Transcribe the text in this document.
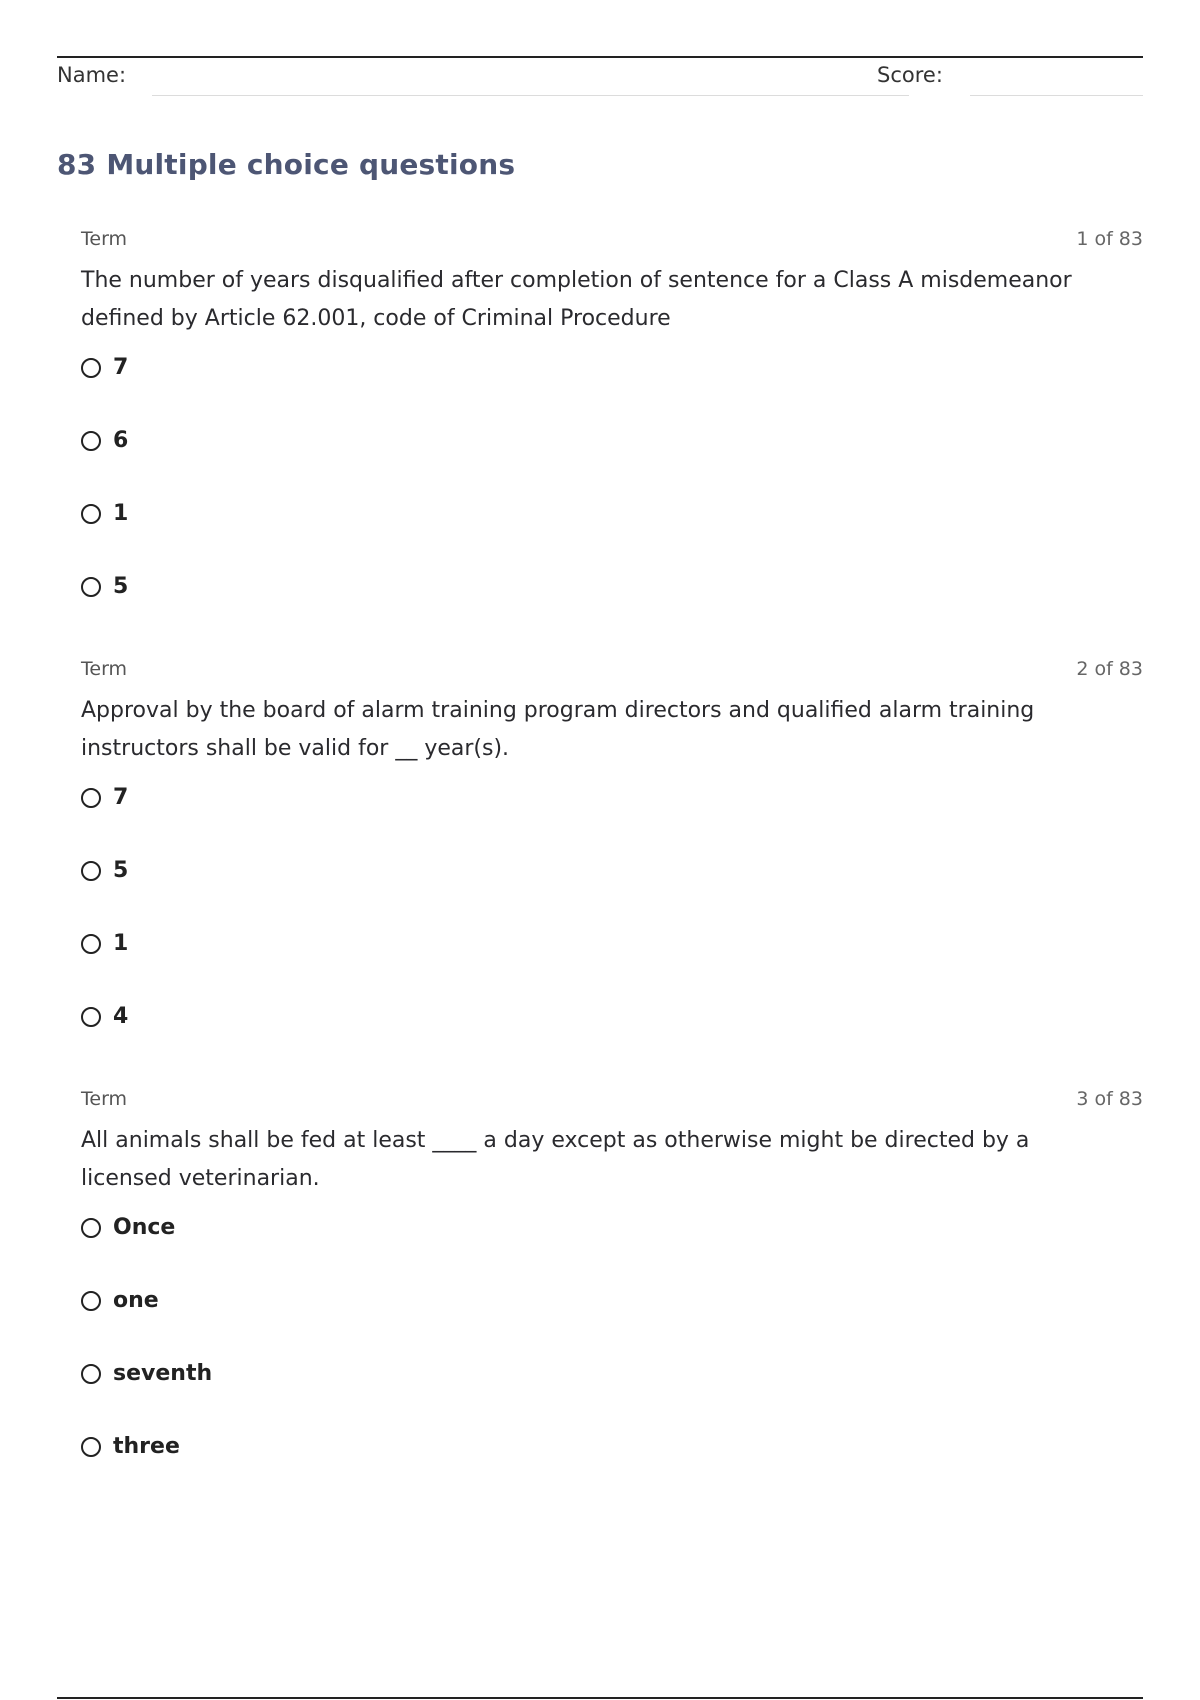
Name:	Score:
83 Multiple choice questions
Term	1 of 83
The number of years disqualified after completion of sentence for a Class A misdemeanor defined by Article 62.001, code of Criminal Procedure
7
6
1
5
Term	2 of 83
Approval by the board of alarm training program directors and qualified alarm training instructors shall be valid for __ year(s).
7
5
1
4
Term	3 of 83
All animals shall be fed at least ____ a day except as otherwise might be directed by a licensed veterinarian.
Once
one
seventh
three
